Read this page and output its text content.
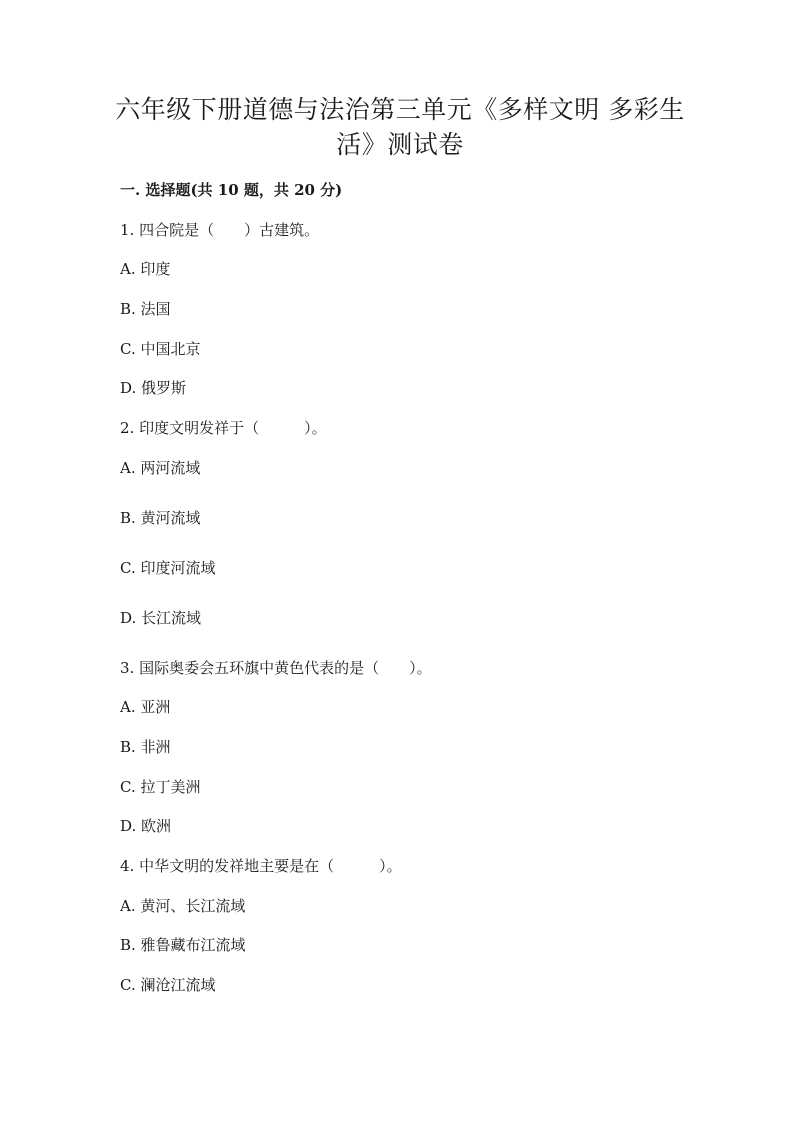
六年级下册道德与法治第三单元《多样文明 多彩生活》测试卷

一. 选择题(共 10 题，共 20 分)

1. 四合院是（　　）古建筑。

A. 印度

B. 法国

C. 中国北京

D. 俄罗斯

2. 印度文明发祥于（　　　）。

A. 两河流域

B. 黄河流域

C. 印度河流域

D. 长江流域

3. 国际奥委会五环旗中黄色代表的是（　　）。

A. 亚洲

B. 非洲

C. 拉丁美洲

D. 欧洲

4. 中华文明的发祥地主要是在（　　　）。

A. 黄河、长江流域

B. 雅鲁藏布江流域

C. 澜沧江流域
